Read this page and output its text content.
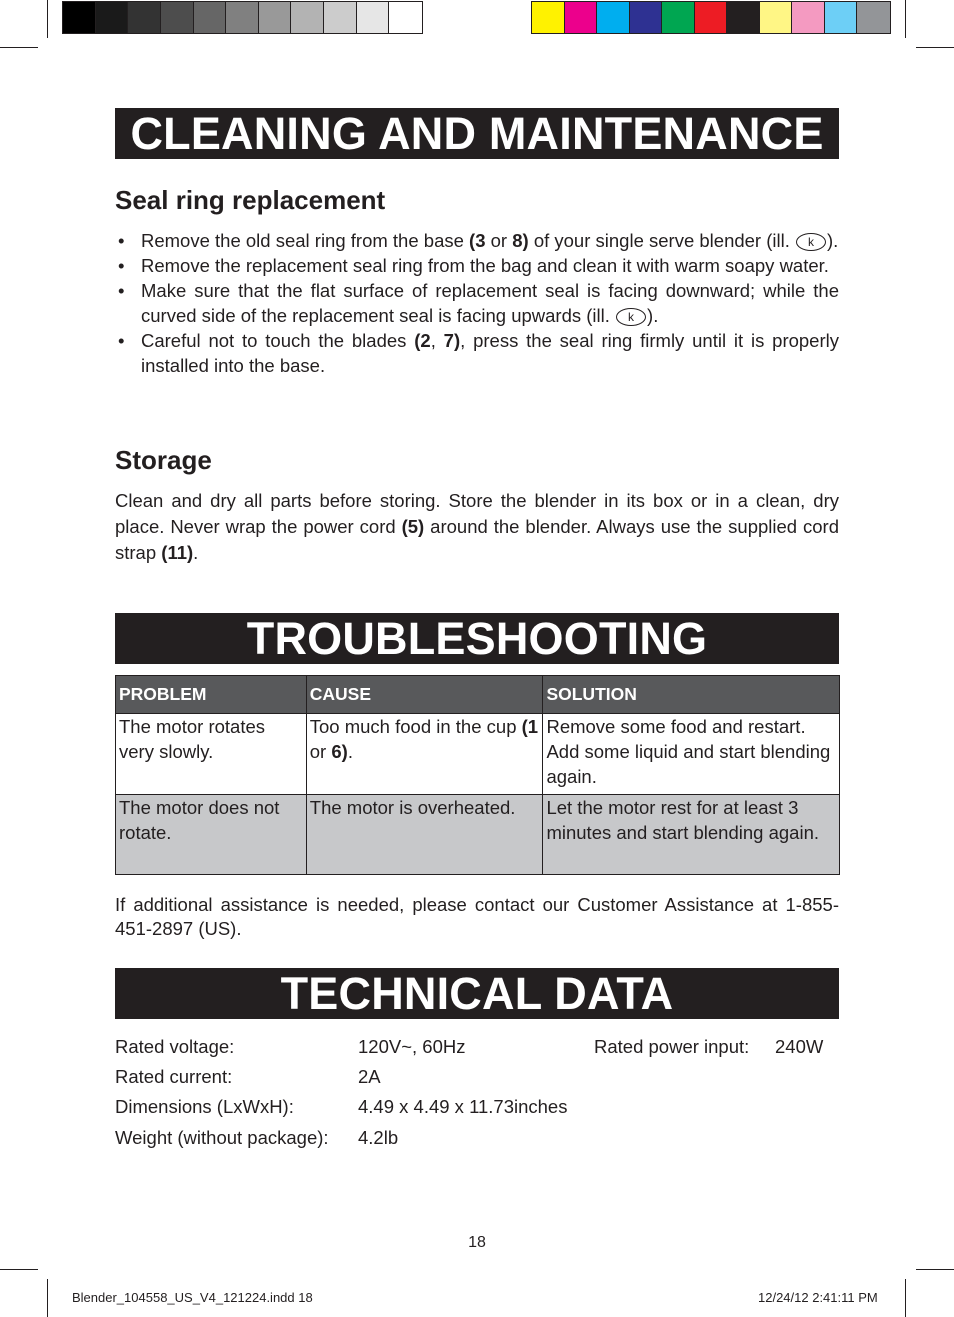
CLEANING AND MAINTENANCE
Seal ring replacement
• Remove the old seal ring from the base (3 or 8) of your single serve blender (ill. k ).
• Remove the replacement seal ring from the bag and clean it with warm soapy water.
• Make sure that the flat surface of replacement seal is facing downward; while the curved side of the replacement seal is facing upwards (ill. k ).
• Careful not to touch the blades (2, 7), press the seal ring firmly until it is properly installed into the base.
Storage

Clean and dry all parts before storing. Store the blender in its box or in a clean, dry place. Never wrap the power cord (5) around the blender. Always use the supplied cord strap (11).

TROUBLESHOOTING
PROBLEM	CAUSE	SOLUTION
The motor rotates very slowly.	Too much food in the cup (1 or 6).	Remove some food and restart. Add some liquid and start blending again.
The motor does not rotate.	The motor is overheated.	Let the motor rest for at least 3 minutes and start blending again.

If additional assistance is needed, please contact our Customer Assistance at 1-855-451-2897 (US).

TECHNICAL DATA
Rated voltage:	120V~, 60Hz	Rated power input: 240W
Rated current:	2A
Dimensions (LxWxH):	4.49 x 4.49 x 11.73inches
Weight (without package): 4.2lb
18
Blender_104558_US_V4_121224.indd 18	12/24/12 2:41:11 PM
